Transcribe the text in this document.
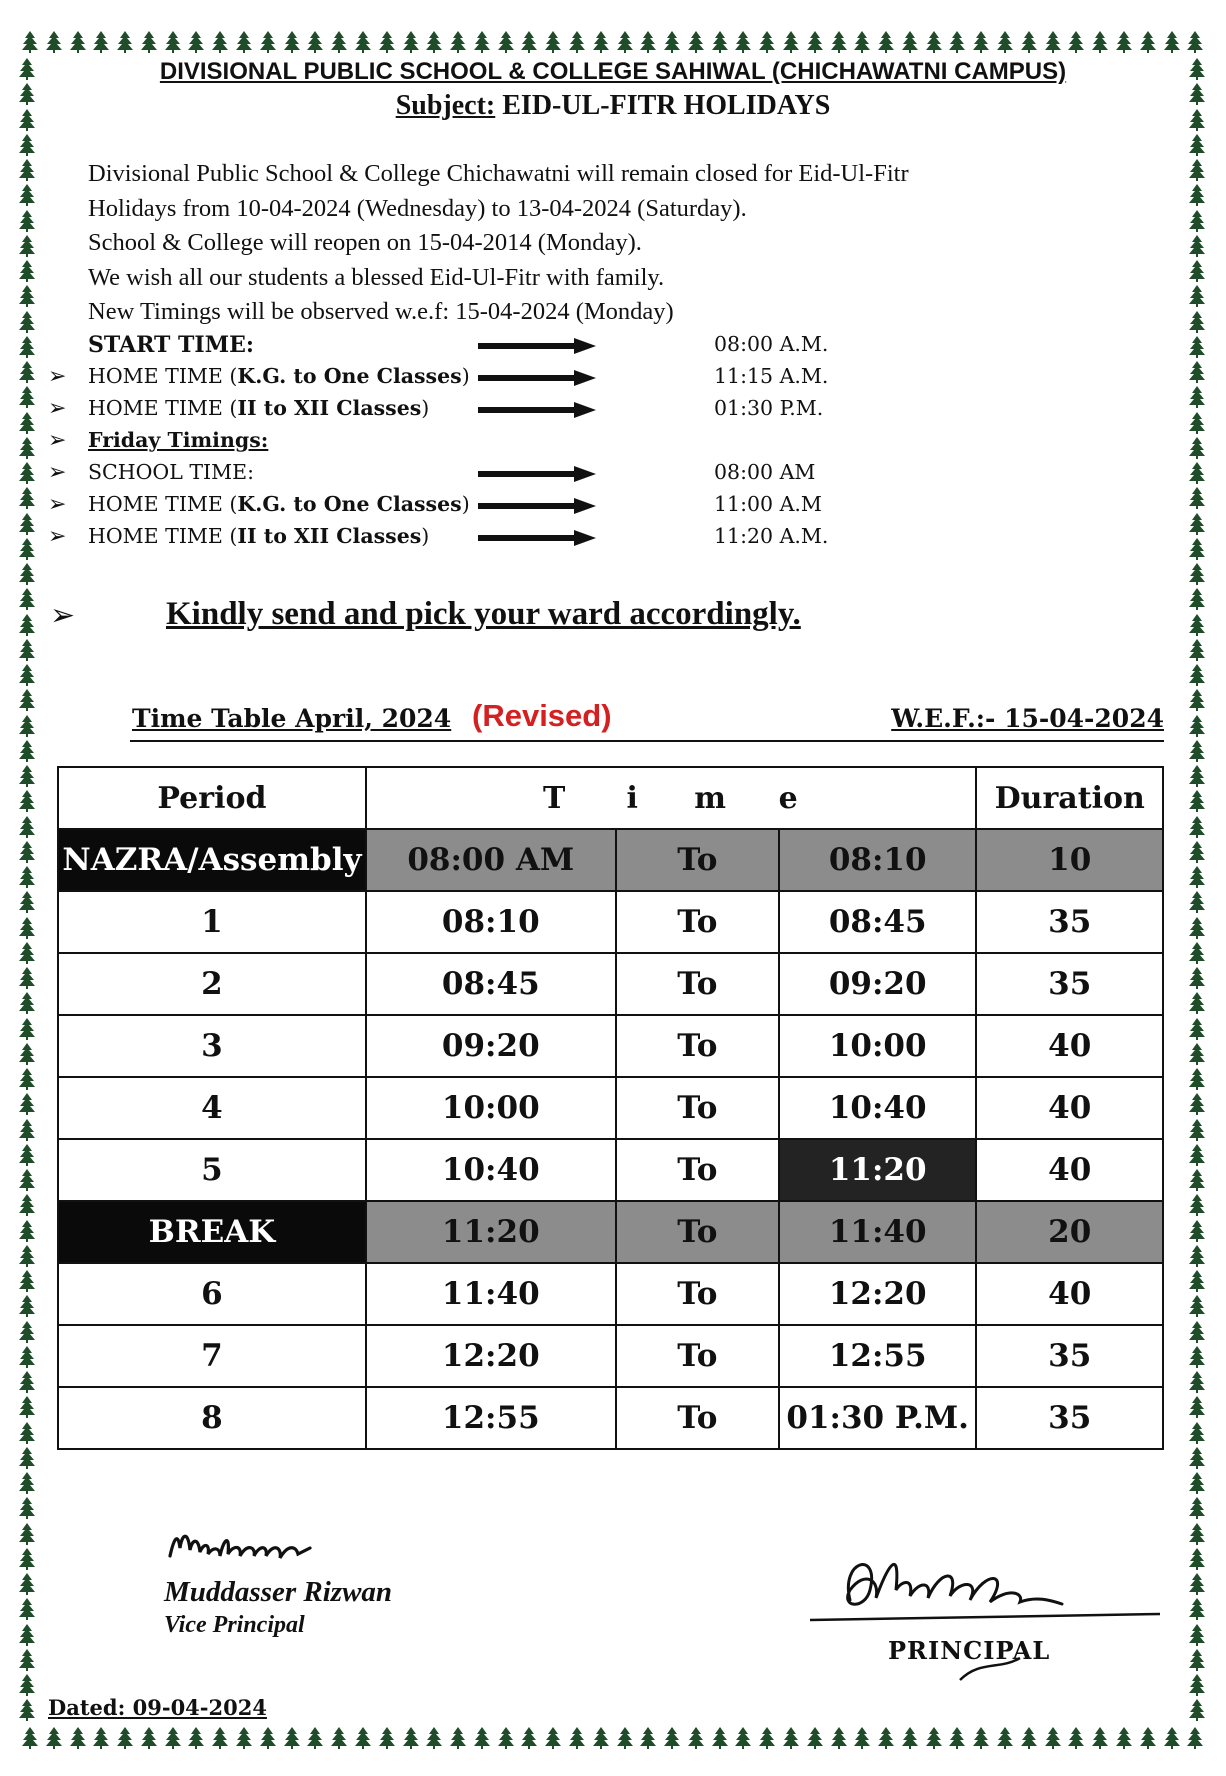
DIVISIONAL PUBLIC SCHOOL & COLLEGE SAHIWAL (CHICHAWATNI CAMPUS)
Subject: EID-UL-FITR HOLIDAYS
Divisional Public School & College Chichawatni will remain closed for Eid-Ul-Fitr
Holidays from 10-04-2024 (Wednesday) to 13-04-2024 (Saturday).
School & College will reopen on 15-04-2014 (Monday).
We wish all our students a blessed Eid-Ul-Fitr with family.
New Timings will be observed w.e.f: 15-04-2024 (Monday)
START TIME:	08:00 A.M.
➢ HOME TIME (K.G. to One Classes)	11:15 A.M.
➢ HOME TIME (II to XII Classes)	01:30 P.M.
➢ Friday Timings:
➢ SCHOOL TIME:	08:00 AM
➢ HOME TIME (K.G. to One Classes)	11:00 A.M
➢ HOME TIME (II to XII Classes)	11:20 A.M.
➢	Kindly send and pick your ward accordingly.
Time Table April, 2024 (Revised)	W.E.F.:- 15-04-2024
Period	T i m e			Duration
NAZRA/Assembly	08:00 AM	To	08:10	10
1	08:10	To	08:45	35
2	08:45	To	09:20	35
3	09:20	To	10:00	40
4	10:00	To	10:40	40
5	10:40	To	11:20	40
BREAK	11:20	To	11:40	20
6	11:40	To	12:20	40
7	12:20	To	12:55	35
8	12:55	To	01:30 P.M.	35
Muddasser Rizwan
Vice Principal
PRINCIPAL
Dated: 09-04-2024
